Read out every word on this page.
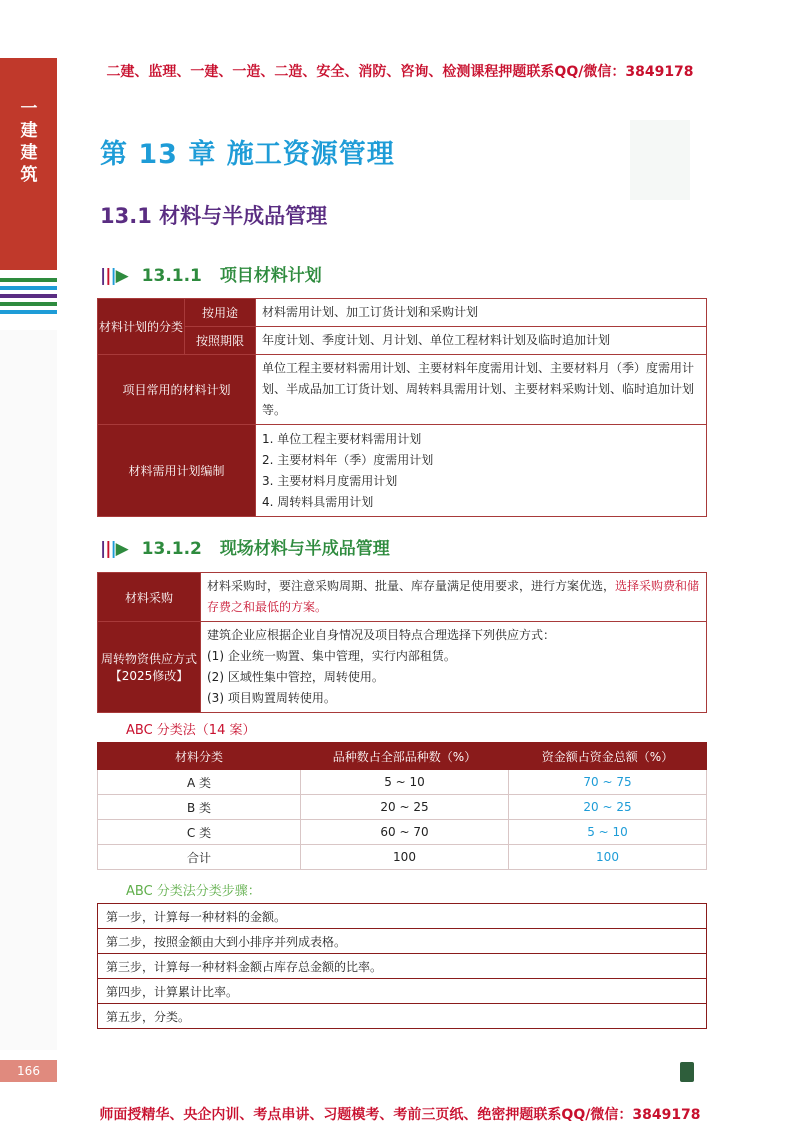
二建、监理、一建、一造、二造、安全、消防、咨询、检测课程押题联系QQ/微信：3849178
一建建筑
166
第 13 章 施工资源管理
13.1 材料与半成品管理
|||▶ 13.1.1 项目材料计划
材料计划的分类	按用途	材料需用计划、加工订货计划和采购计划
	按照期限	年度计划、季度计划、月计划、单位工程材料计划及临时追加计划
项目常用的材料计划		单位工程主要材料需用计划、主要材料年度需用计划、主要材料月（季）度需用计划、半成品加工订货计划、周转料具需用计划、主要材料采购计划、临时追加计划等。
材料需用计划编制		1. 单位工程主要材料需用计划
2. 主要材料年（季）度需用计划
3. 主要材料月度需用计划
4. 周转料具需用计划
|||▶ 13.1.2 现场材料与半成品管理
材料采购	材料采购时，要注意采购周期、批量、库存量满足使用要求，进行方案优选，选择采购费和储存费之和最低的方案。
周转物资供应方式【2025修改】	建筑企业应根据企业自身情况及项目特点合理选择下列供应方式：
(1) 企业统一购置、集中管理，实行内部租赁。
(2) 区域性集中管控，周转使用。
(3) 项目购置周转使用。
ABC 分类法（14 案）
材料分类	品种数占全部品种数（%）	资金额占资金总额（%）
A 类	5 ~ 10	70 ~ 75
B 类	20 ~ 25	20 ~ 25
C 类	60 ~ 70	5 ~ 10
合计	100	100
ABC 分类法分类步骤：
第一步，计算每一种材料的金额。
第二步，按照金额由大到小排序并列成表格。
第三步，计算每一种材料金额占库存总金额的比率。
第四步，计算累计比率。
第五步，分类。
师面授精华、央企内训、考点串讲、习题模考、考前三页纸、绝密押题联系QQ/微信：3849178
